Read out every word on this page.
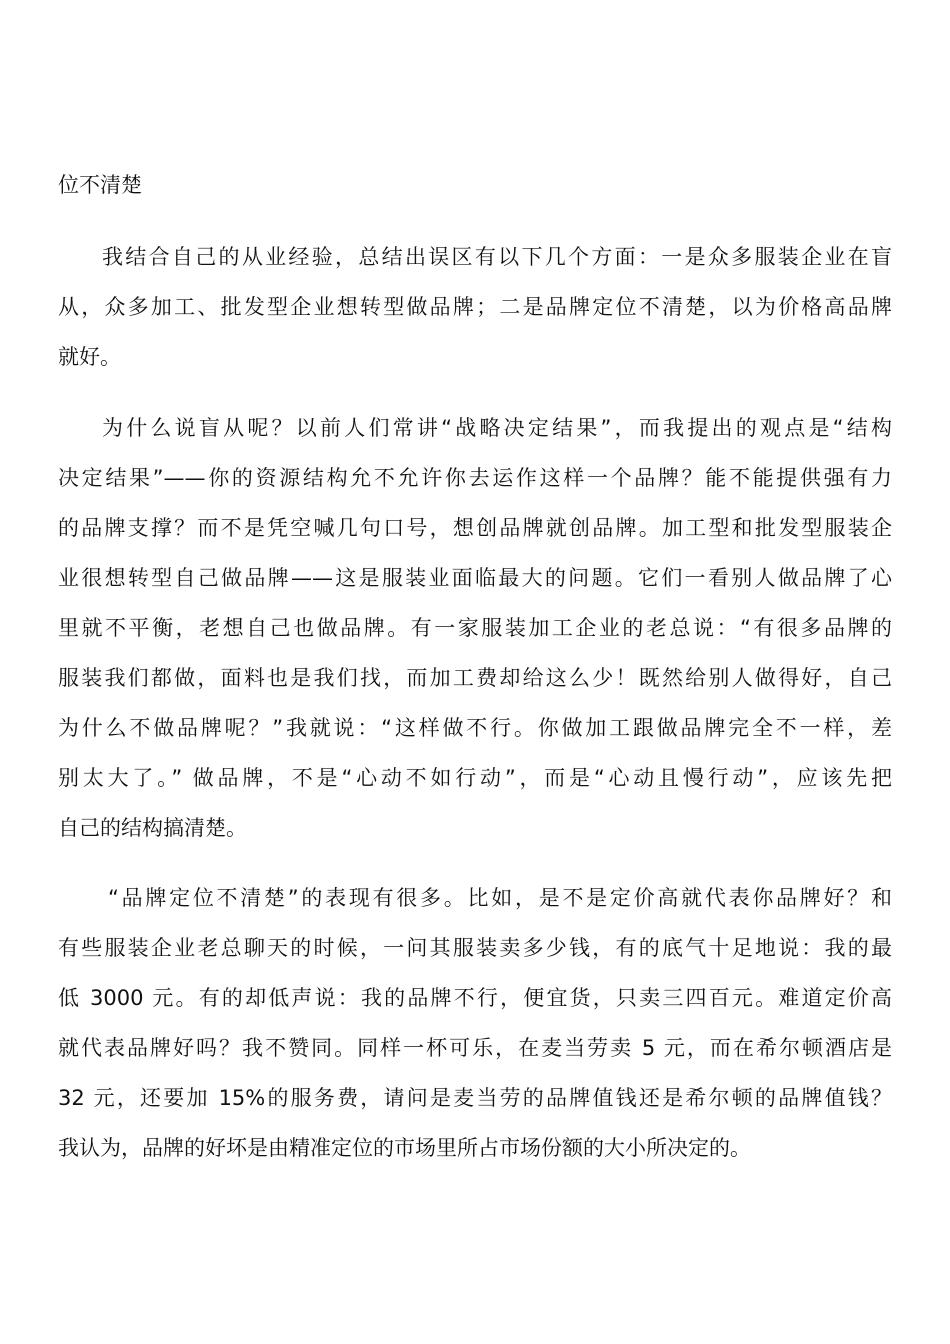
位不清楚
我结合自己的从业经验，总结出误区有以下几个方面：一是众多服装企业在盲
从，众多加工、批发型企业想转型做品牌；二是品牌定位不清楚，以为价格高品牌
就好。
为什么说盲从呢？以前人们常讲“战略决定结果”，而我提出的观点是“结构
决定结果”——你的资源结构允不允许你去运作这样一个品牌？能不能提供强有力
的品牌支撑？而不是凭空喊几句口号，想创品牌就创品牌。加工型和批发型服装企
业很想转型自己做品牌——这是服装业面临最大的问题。它们一看别人做品牌了心
里就不平衡，老想自己也做品牌。有一家服装加工企业的老总说：“有很多品牌的
服装我们都做，面料也是我们找，而加工费却给这么少！既然给别人做得好，自己
为什么不做品牌呢？”我就说：“这样做不行。你做加工跟做品牌完全不一样，差
别太大了。” 做品牌，不是“心动不如行动”，而是“心动且慢行动”，应该先把
自己的结构搞清楚。
“品牌定位不清楚”的表现有很多。比如，是不是定价高就代表你品牌好？和
有些服装企业老总聊天的时候，一问其服装卖多少钱，有的底气十足地说：我的最
低 3000 元。有的却低声说：我的品牌不行，便宜货，只卖三四百元。难道定价高
就代表品牌好吗？我不赞同。同样一杯可乐，在麦当劳卖 5 元，而在希尔顿酒店是
32 元，还要加 15%的服务费，请问是麦当劳的品牌值钱还是希尔顿的品牌值钱？
我认为，品牌的好坏是由精准定位的市场里所占市场份额的大小所决定的。
